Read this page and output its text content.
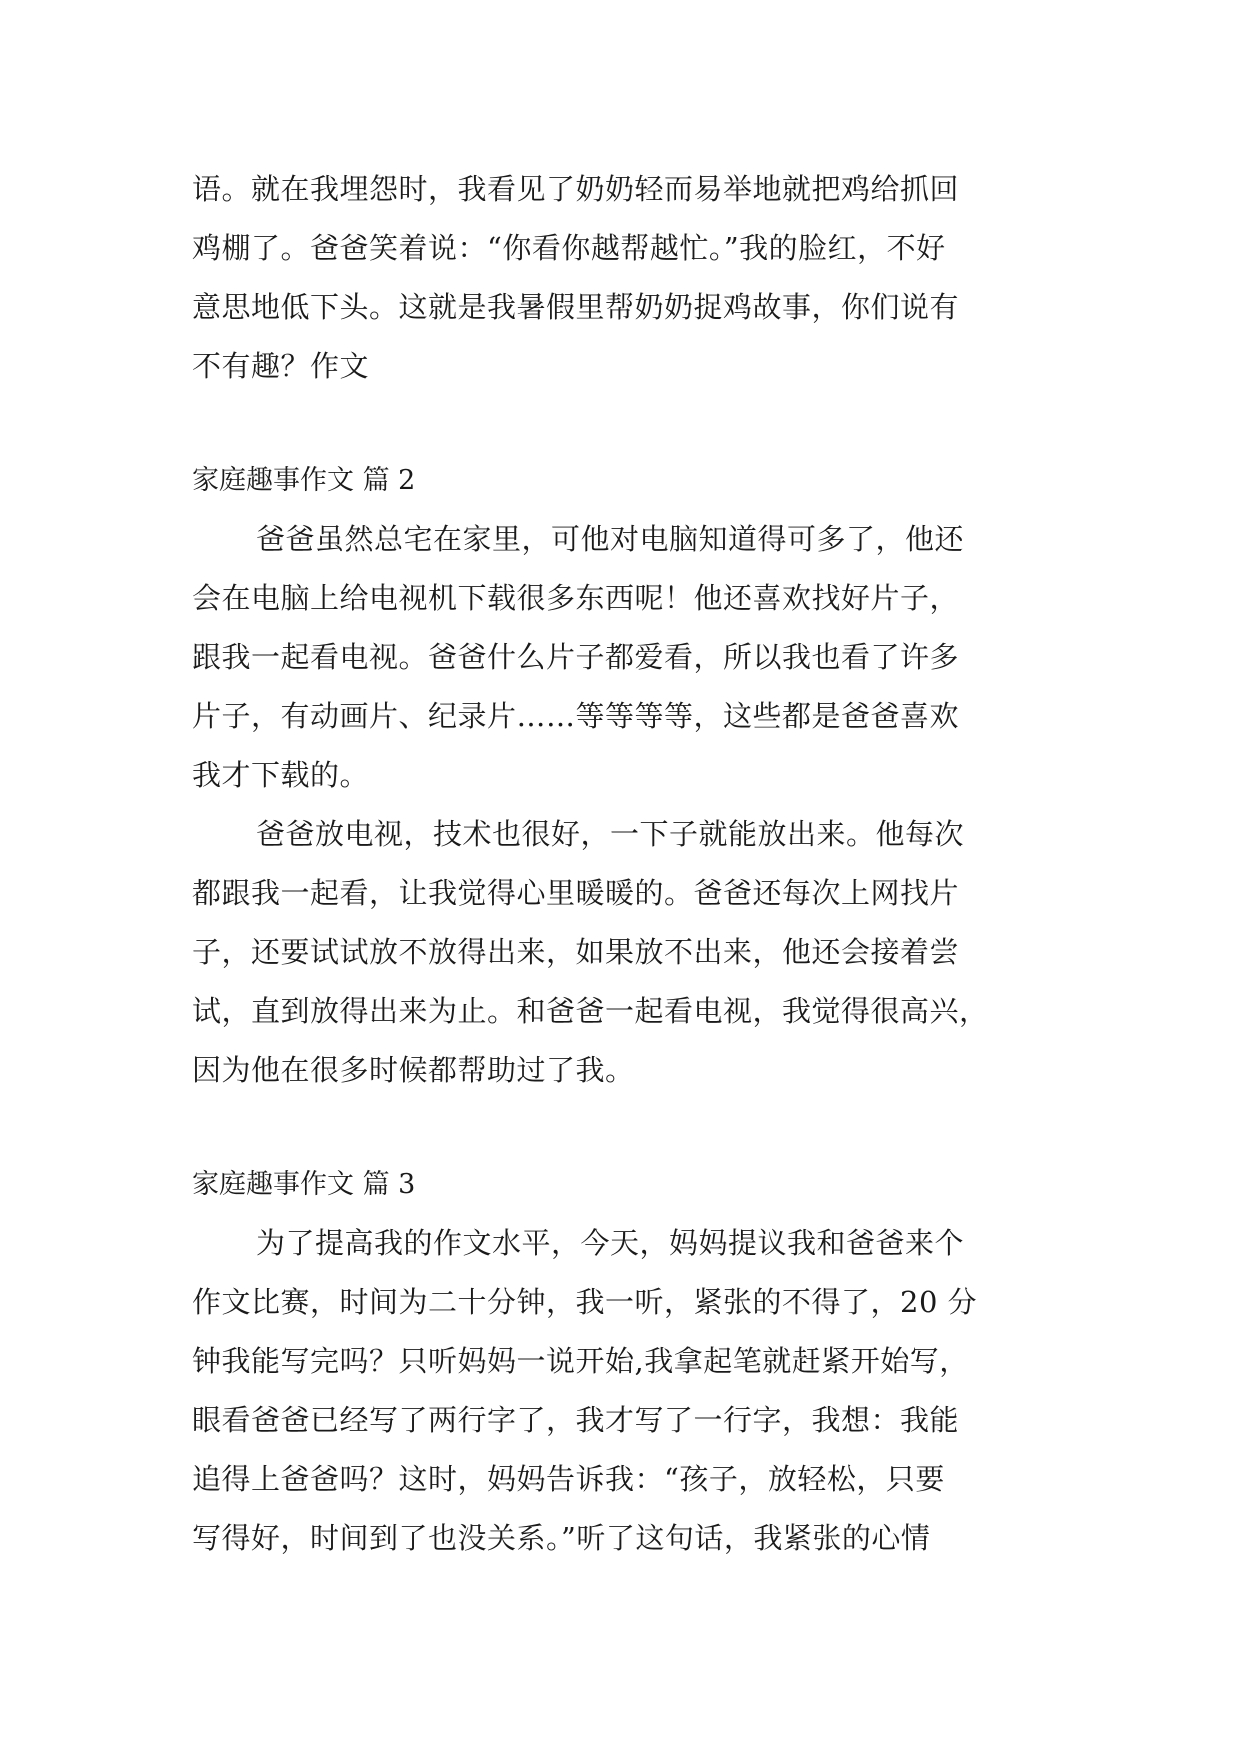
语。就在我埋怨时，我看见了奶奶轻而易举地就把鸡给抓回
鸡棚了。爸爸笑着说：“你看你越帮越忙。”我的脸红，不好
意思地低下头。这就是我暑假里帮奶奶捉鸡故事，你们说有
不有趣？作文
家庭趣事作文 篇 2
爸爸虽然总宅在家里，可他对电脑知道得可多了，他还
会在电脑上给电视机下载很多东西呢！他还喜欢找好片子，
跟我一起看电视。爸爸什么片子都爱看，所以我也看了许多
片子，有动画片、纪录片……等等等等，这些都是爸爸喜欢
我才下载的。
爸爸放电视，技术也很好，一下子就能放出来。他每次
都跟我一起看，让我觉得心里暖暖的。爸爸还每次上网找片
子，还要试试放不放得出来，如果放不出来，他还会接着尝
试，直到放得出来为止。和爸爸一起看电视，我觉得很高兴，
因为他在很多时候都帮助过了我。
家庭趣事作文 篇 3
为了提高我的作文水平，今天，妈妈提议我和爸爸来个
作文比赛，时间为二十分钟，我一听，紧张的不得了，20 分
钟我能写完吗？只听妈妈一说开始,我拿起笔就赶紧开始写，
眼看爸爸已经写了两行字了，我才写了一行字，我想：我能
追得上爸爸吗？这时，妈妈告诉我：“孩子，放轻松，只要
写得好，时间到了也没关系。”听了这句话，我紧张的心情
